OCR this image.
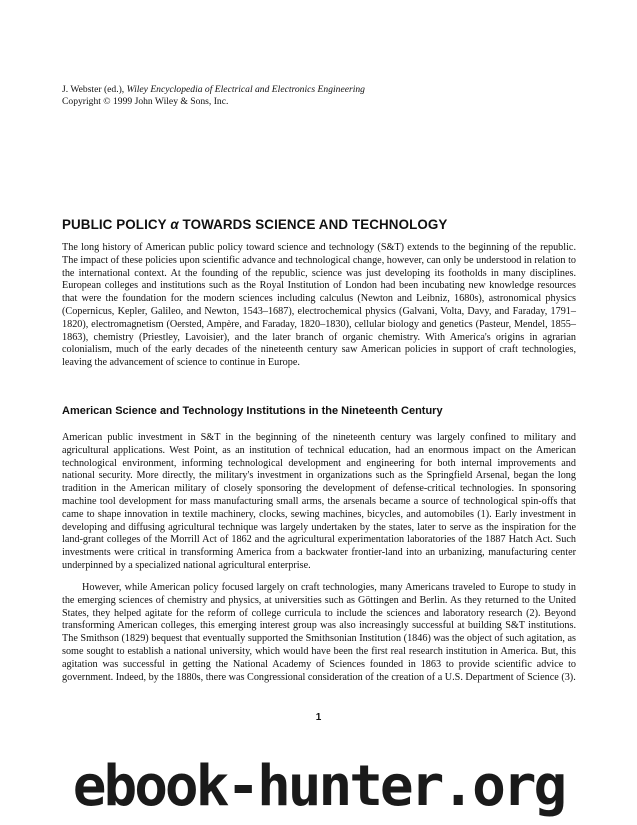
J. Webster (ed.), Wiley Encyclopedia of Electrical and Electronics Engineering
Copyright © 1999 John Wiley & Sons, Inc.
PUBLIC POLICY α TOWARDS SCIENCE AND TECHNOLOGY

The long history of American public policy toward science and technology (S&T) extends to the beginning of the republic. The impact of these policies upon scientific advance and technological change, however, can only be understood in relation to the international context. At the founding of the republic, science was just developing its footholds in many disciplines. European colleges and institutions such as the Royal Institution of London had been incubating new knowledge resources that were the foundation for the modern sciences including calculus (Newton and Leibniz, 1680s), astronomical physics (Copernicus, Kepler, Galileo, and Newton, 1543–1687), electrochemical physics (Galvani, Volta, Davy, and Faraday, 1791–1820), electromagnetism (Oersted, Ampère, and Faraday, 1820–1830), cellular biology and genetics (Pasteur, Mendel, 1855–1863), chemistry (Priestley, Lavoisier), and the later branch of organic chemistry. With America's origins in agrarian colonialism, much of the early decades of the nineteenth century saw American policies in support of craft technologies, leaving the advancement of science to continue in Europe.

American Science and Technology Institutions in the Nineteenth Century

American public investment in S&T in the beginning of the nineteenth century was largely confined to military and agricultural applications. West Point, as an institution of technical education, had an enormous impact on the American technological environment, informing technological development and engineering for both internal improvements and national security. More directly, the military's investment in organizations such as the Springfield Arsenal, began the long tradition in the American military of closely sponsoring the development of defense-critical technologies. In sponsoring machine tool development for mass manufacturing small arms, the arsenals became a source of technological spin-offs that came to shape innovation in textile machinery, clocks, sewing machines, bicycles, and automobiles (1). Early investment in developing and diffusing agricultural technique was largely undertaken by the states, later to serve as the inspiration for the land-grant colleges of the Morrill Act of 1862 and the agricultural experimentation laboratories of the 1887 Hatch Act. Such investments were critical in transforming America from a backwater frontier-land into an urbanizing, manufacturing center underpinned by a specialized national agricultural enterprise.

However, while American policy focused largely on craft technologies, many Americans traveled to Europe to study in the emerging sciences of chemistry and physics, at universities such as Göttingen and Berlin. As they returned to the United States, they helped agitate for the reform of college curricula to include the sciences and laboratory research (2). Beyond transforming American colleges, this emerging interest group was also increasingly successful at building S&T institutions. The Smithson (1829) bequest that eventually supported the Smithsonian Institution (1846) was the object of such agitation, as some sought to establish a national university, which would have been the first real research institution in America. But, this agitation was successful in getting the National Academy of Sciences founded in 1863 to provide scientific advice to government. Indeed, by the 1880s, there was Congressional consideration of the creation of a U.S. Department of Science (3).

1
ebook-hunter.org
